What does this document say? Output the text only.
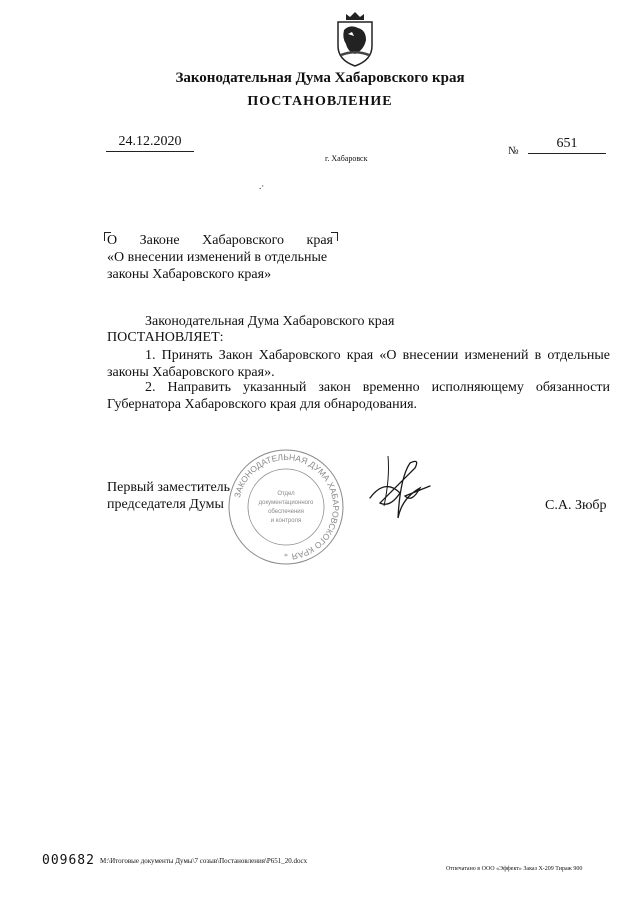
Законодательная Дума Хабаровского края
ПОСТАНОВЛЕНИЕ
24.12.2020
№	651
г. Хабаровск
.·
О Законе Хабаровского края
«О внесении изменений в отдельные
законы Хабаровского края»
Законодательная Дума Хабаровского края
ПОСТАНОВЛЯЕТ:
1. Принять Закон Хабаровского края «О внесении изменений в отдельные
законы Хабаровского края».
2. Направить указанный закон временно исполняющему обязанности
Губернатора Хабаровского края для обнародования.
Первый заместитель
председателя Думы
ЗАКОНОДАТЕЛЬНАЯ ДУМА ХАБАРОВСКОГО КРАЯ
Отдел
документационного
обеспечения
и контроля
*
С.А. Зюбр
009682 M:\Итоговые документы Думы\7 созыв\Постановления\Р651_20.docx
Отпечатано в ООО «Эффект» Заказ Х-209 Тираж 900
